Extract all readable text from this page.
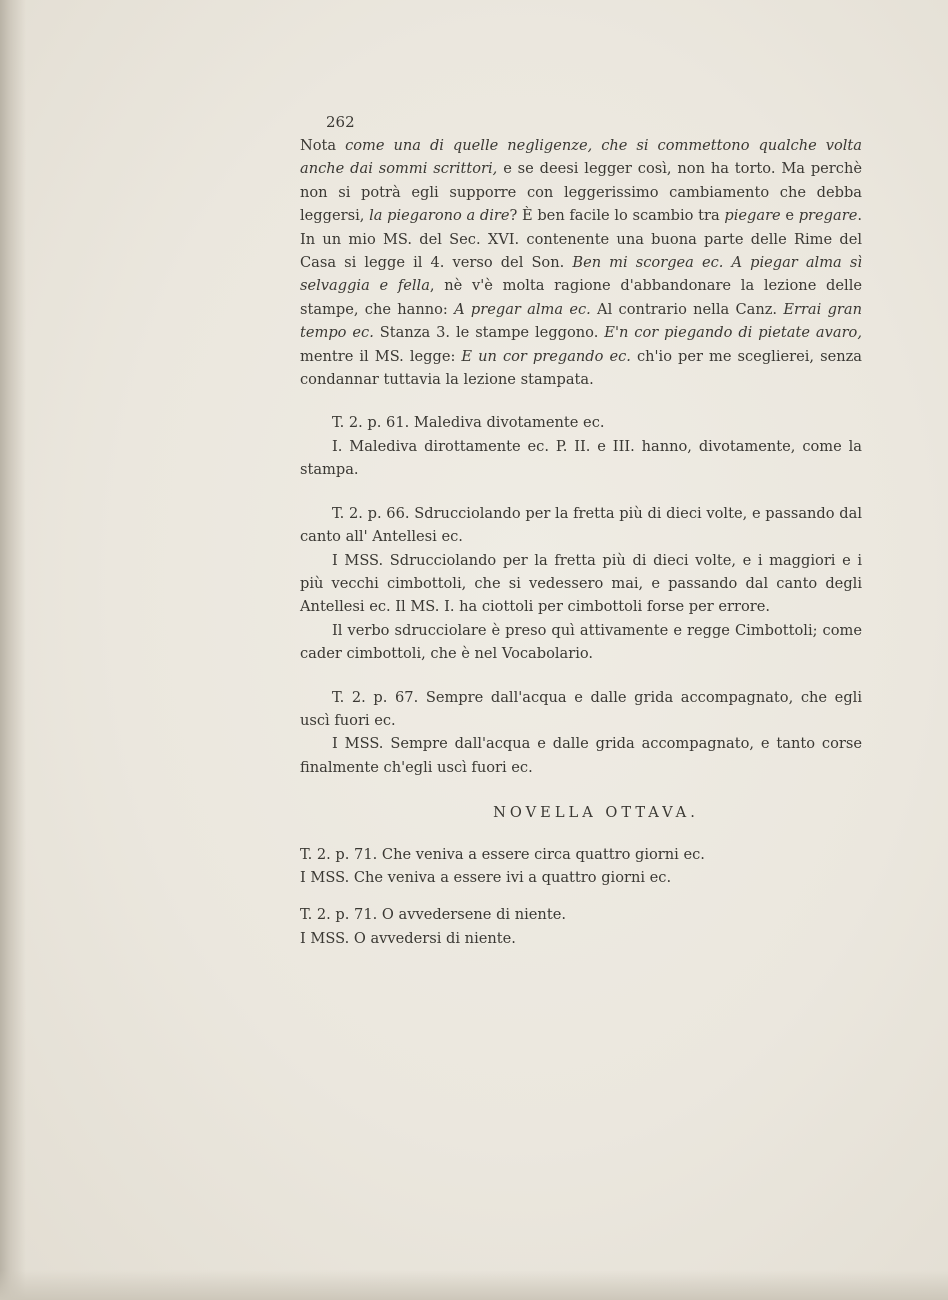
262

Nota come una di quelle negligenze, che si commettono qualche volta anche dai sommi scrittori, e se deesi legger così, non ha torto. Ma perchè non si potrà egli supporre con leggerissimo cambiamento che debba leggersi, la piegarono a dire? È ben facile lo scambio tra piegare e pregare. In un mio MS. del Sec. XVI. contenente una buona parte delle Rime del Casa si legge il 4. verso del Son. Ben mi scorgea ec. A piegar alma sì selvaggia e fella, nè v'è molta ragione d'abbandonare la lezione delle stampe, che hanno: A pregar alma ec. Al contrario nella Canz. Errai gran tempo ec. Stanza 3. le stampe leggono. E'n cor piegando di pietate avaro, mentre il MS. legge: E un cor pregando ec. ch'io per me sceglierei, senza condannar tuttavia la lezione stampata.

T. 2. p. 61. Malediva divotamente ec.

I. Malediva dirottamente ec. P. II. e III. hanno, divotamente, come la stampa.

T. 2. p. 66. Sdrucciolando per la fretta più di dieci volte, e passando dal canto all' Antellesi ec.

I MSS. Sdrucciolando per la fretta più di dieci volte, e i maggiori e i più vecchi cimbottoli, che si vedessero mai, e passando dal canto degli Antellesi ec. Il MS. I. ha ciottoli per cimbottoli forse per errore.

Il verbo sdrucciolare è preso quì attivamente e regge Cimbottoli; come cader cimbottoli, che è nel Vocabolario.

T. 2. p. 67. Sempre dall'acqua e dalle grida accompagnato, che egli uscì fuori ec.

I MSS. Sempre dall'acqua e dalle grida accompagnato, e tanto corse finalmente ch'egli uscì fuori ec.

NOVELLA OTTAVA.

T. 2. p. 71. Che veniva a essere circa quattro giorni ec.

I MSS. Che veniva a essere ivi a quattro giorni ec.

T. 2. p. 71. O avvedersene di niente.

I MSS. O avvedersi di niente.
